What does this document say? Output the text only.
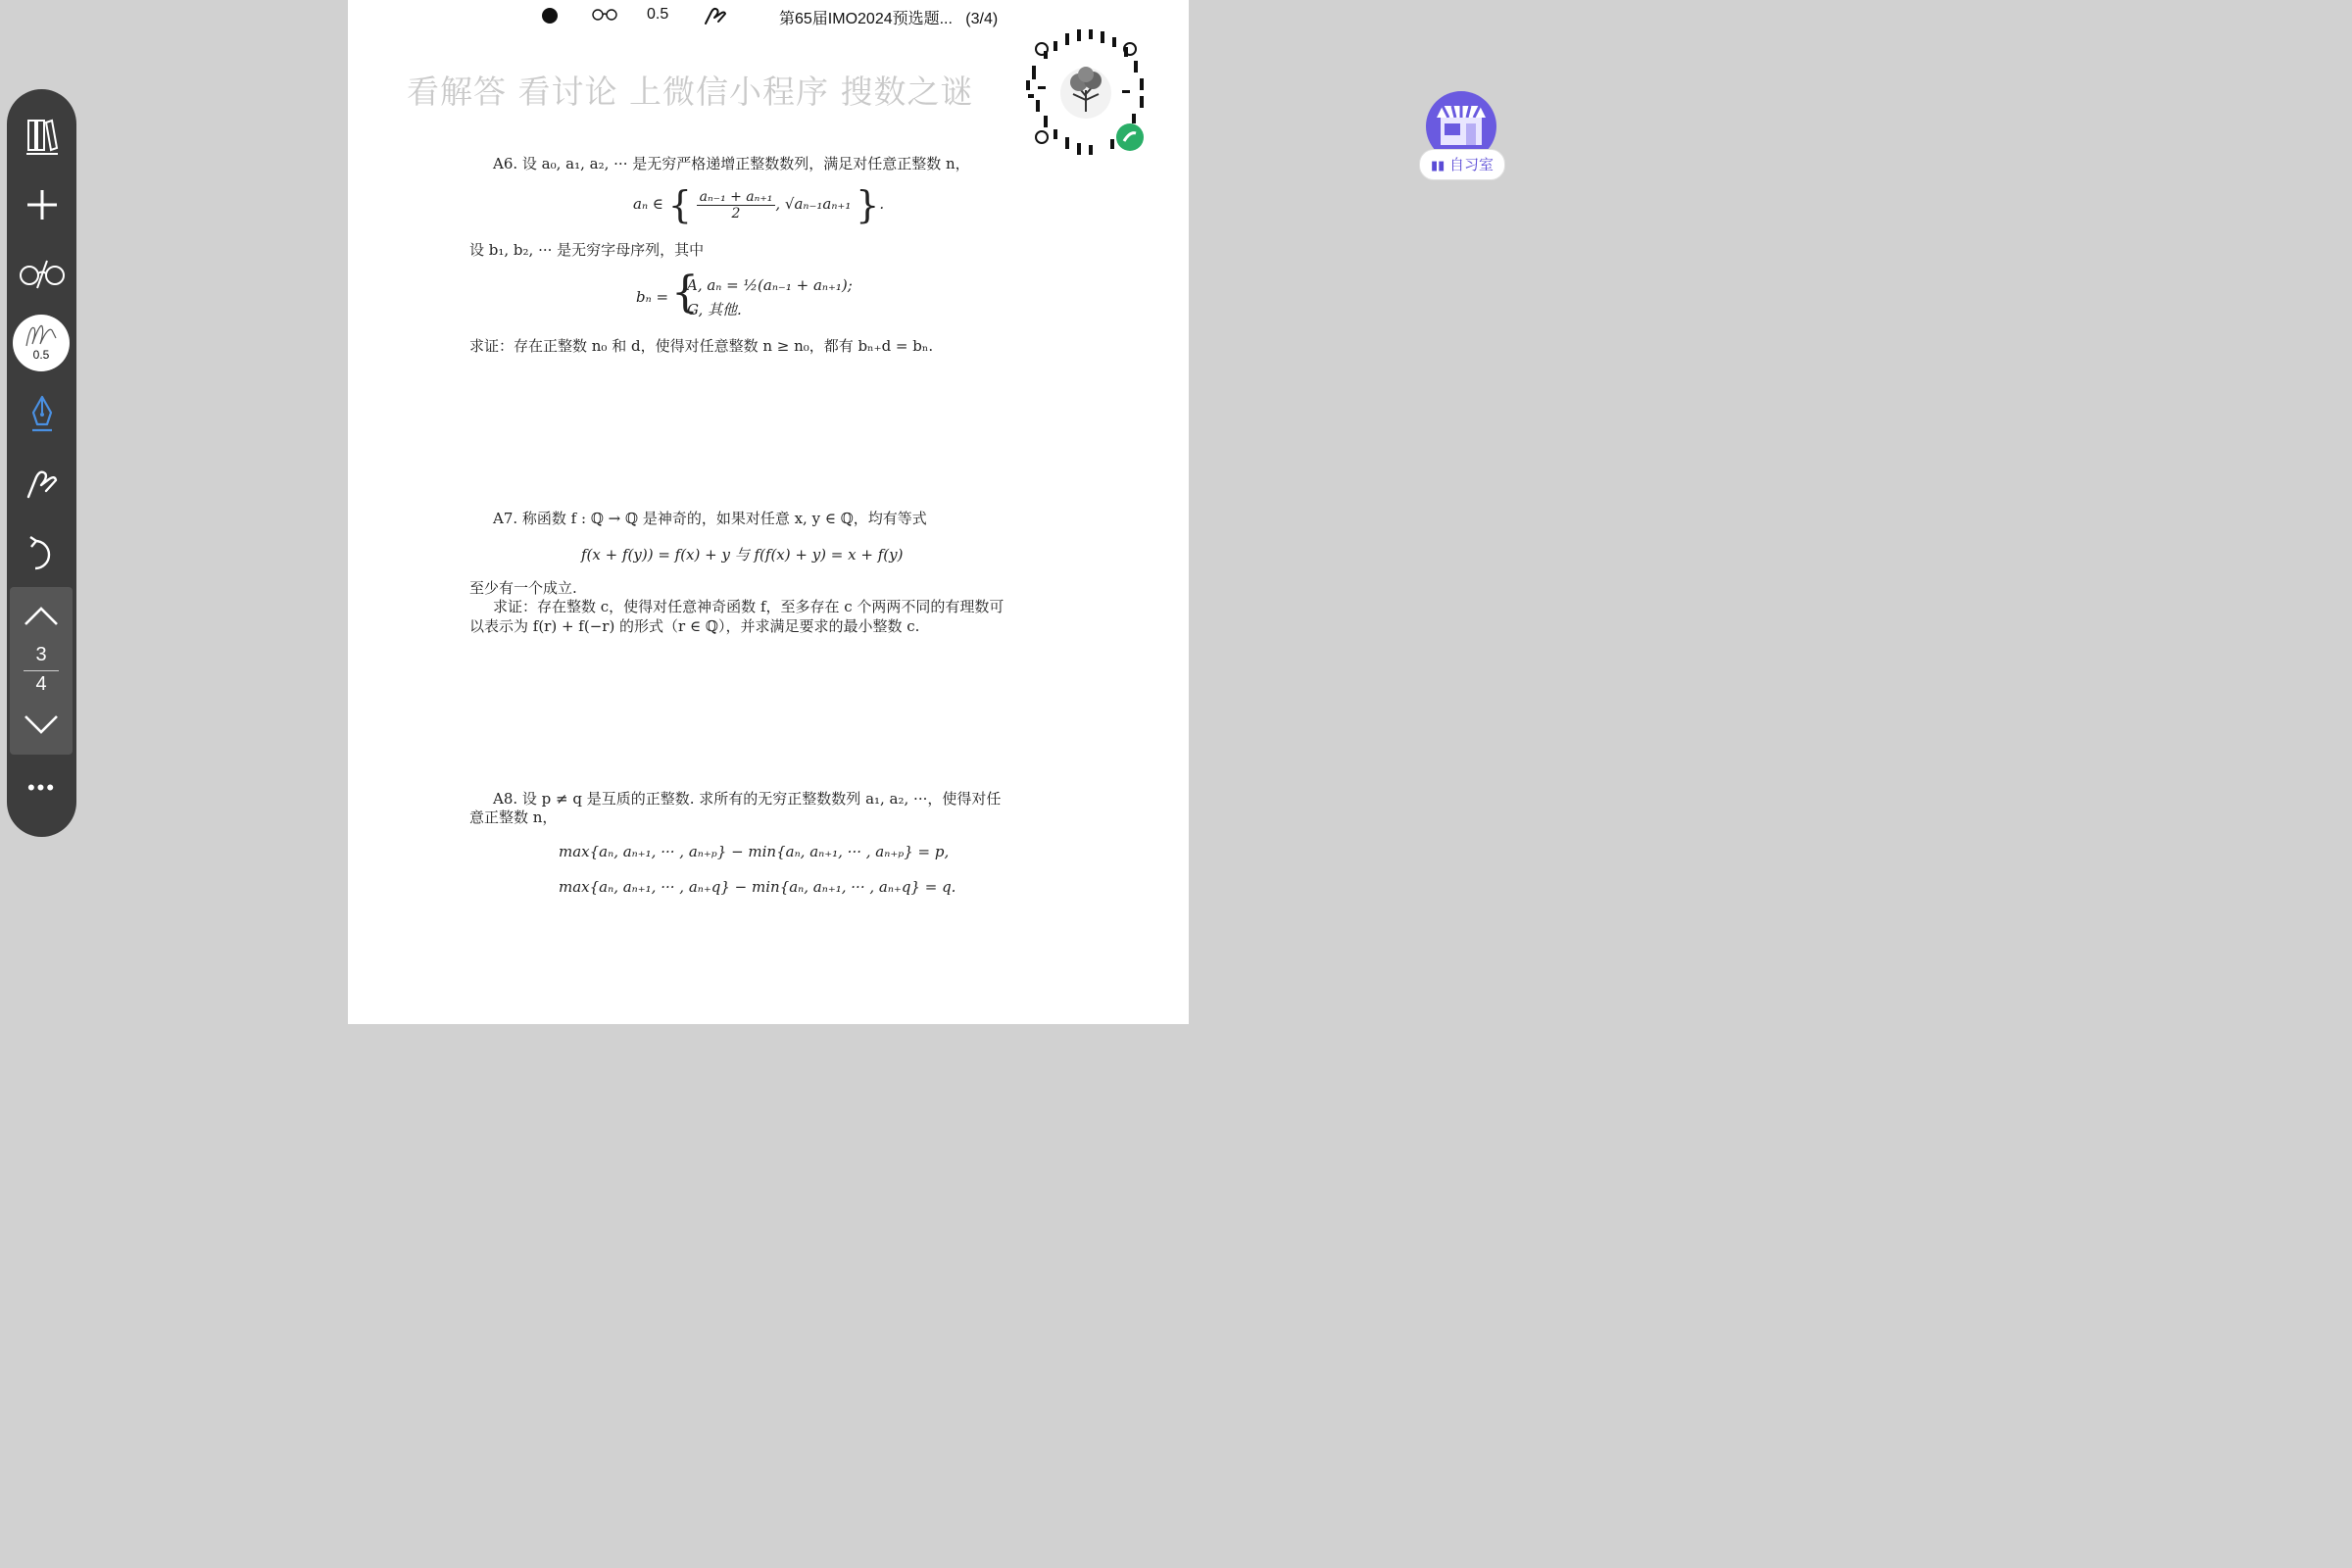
0.5	第65届IMO2024预选题... (3/4)
看解答 看讨论 上微信小程序 搜数之谜
A6. 设 a₀, a₁, a₂, ··· 是无穷严格递增正整数数列，满足对任意正整数 n，
aₙ ∈ { $\frac{\text{aₙ₋₁ + aₙ₊₁}}{2}$ , √aₙ₋₁aₙ₊₁ }.
设 b₁, b₂, ··· 是无穷字母序列，其中
bₙ = {
A, aₙ = ½(aₙ₋₁ + aₙ₊₁);
G, 其他.
求证：存在正整数 n₀ 和 d，使得对任意整数 n ≥ n₀，都有 bₙ₊d = bₙ.
A7. 称函数 f : ℚ → ℚ 是神奇的，如果对任意 x, y ∈ ℚ，均有等式
f(x + f(y)) = f(x) + y 与 f(f(x) + y) = x + f(y)
至少有一个成立.
求证：存在整数 c，使得对任意神奇函数 f，至多存在 c 个两两不同的有理数可
以表示为 f(r) + f(−r) 的形式（r ∈ ℚ），并求满足要求的最小整数 c.
A8. 设 p ≠ q 是互质的正整数. 求所有的无穷正整数数列 a₁, a₂, ···，使得对任
意正整数 n，
max{aₙ, aₙ₊₁, ··· , aₙ₊ₚ} − min{aₙ, aₙ₊₁, ··· , aₙ₊ₚ} = p,
max{aₙ, aₙ₊₁, ··· , aₙ₊q} − min{aₙ, aₙ₊₁, ··· , aₙ₊q} = q.
0.5
3
4
•••
▮▮ 自习室
